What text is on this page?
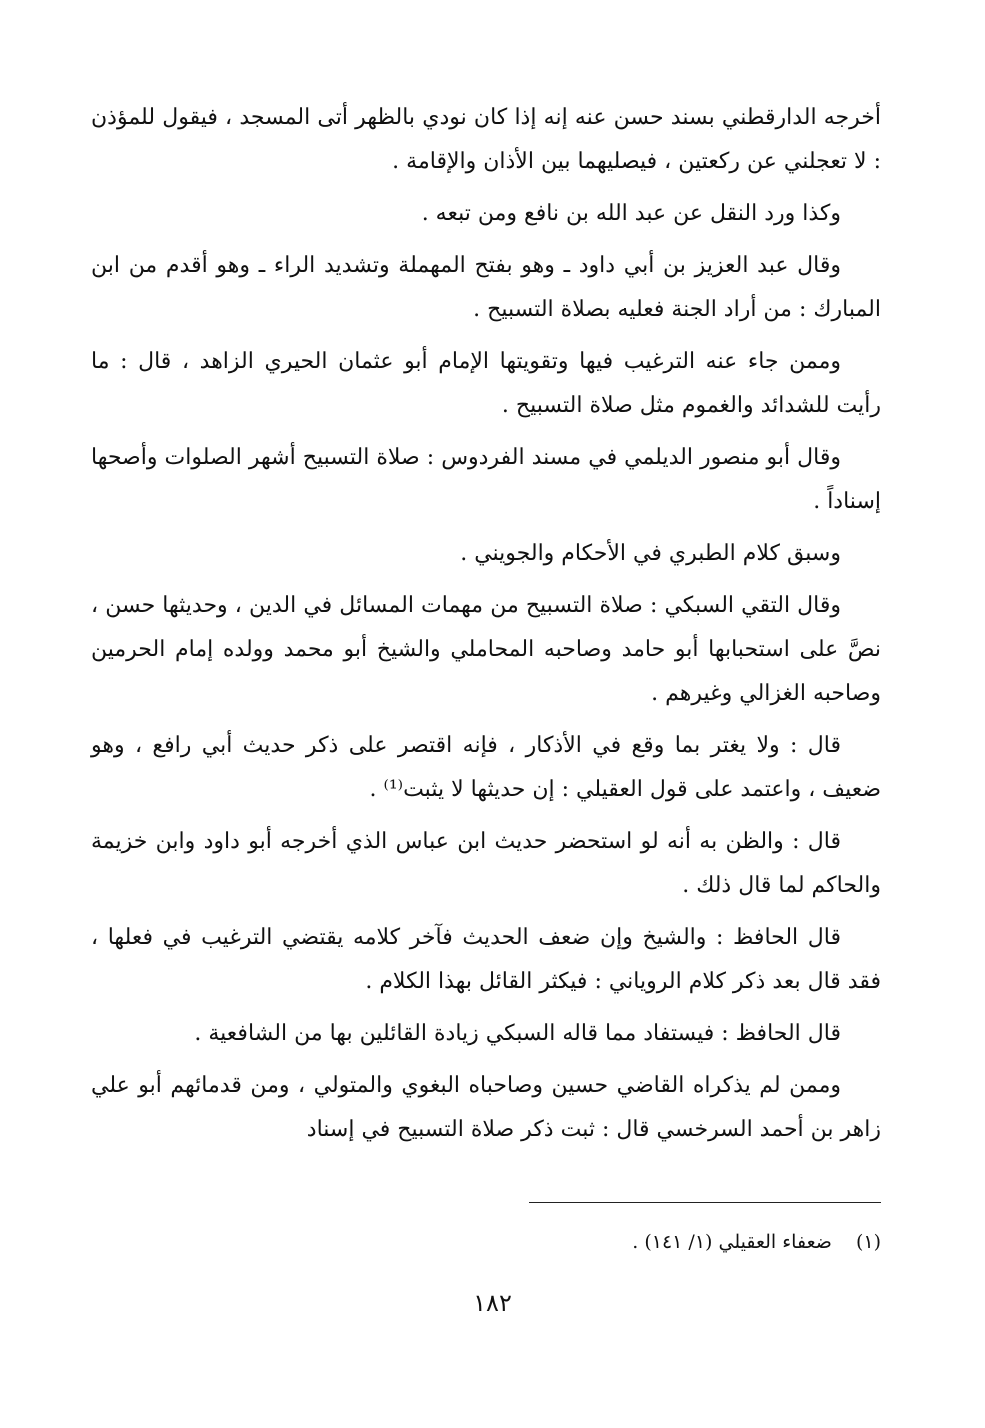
أخرجه الدارقطني بسند حسن عنه إنه إذا كان نودي بالظهر أتى المسجد ، فيقول للمؤذن : لا تعجلني عن ركعتين ، فيصليهما بين الأذان والإقامة .

وكذا ورد النقل عن عبد الله بن نافع ومن تبعه .

وقال عبد العزيز بن أبي داود ـ وهو بفتح المهملة وتشديد الراء ـ وهو أقدم من ابن المبارك : من أراد الجنة فعليه بصلاة التسبيح .

وممن جاء عنه الترغيب فيها وتقويتها الإمام أبو عثمان الحيري الزاهد ، قال : ما رأيت للشدائد والغموم مثل صلاة التسبيح .

وقال أبو منصور الديلمي في مسند الفردوس : صلاة التسبيح أشهر الصلوات وأصحها إسناداً .

وسبق كلام الطبري في الأحكام والجويني .

وقال التقي السبكي : صلاة التسبيح من مهمات المسائل في الدين ، وحديثها حسن ، نصَّ على استحبابها أبو حامد وصاحبه المحاملي والشيخ أبو محمد وولده إمام الحرمين وصاحبه الغزالي وغيرهم .

قال : ولا يغتر بما وقع في الأذكار ، فإنه اقتصر على ذكر حديث أبي رافع ، وهو ضعيف ، واعتمد على قول العقيلي : إن حديثها لا يثبت⁽¹⁾ .

قال : والظن به أنه لو استحضر حديث ابن عباس الذي أخرجه أبو داود وابن خزيمة والحاكم لما قال ذلك .

قال الحافظ : والشيخ وإن ضعف الحديث فآخر كلامه يقتضي الترغيب في فعلها ، فقد قال بعد ذكر كلام الروياني : فيكثر القائل بهذا الكلام .

قال الحافظ : فيستفاد مما قاله السبكي زيادة القائلين بها من الشافعية .

وممن لم يذكراه القاضي حسين وصاحباه البغوي والمتولي ، ومن قدمائهم أبو علي زاهر بن أحمد السرخسي قال : ثبت ذكر صلاة التسبيح في إسناد

(١) ضعفاء العقيلي (١/ ١٤١) .

١٨٢
